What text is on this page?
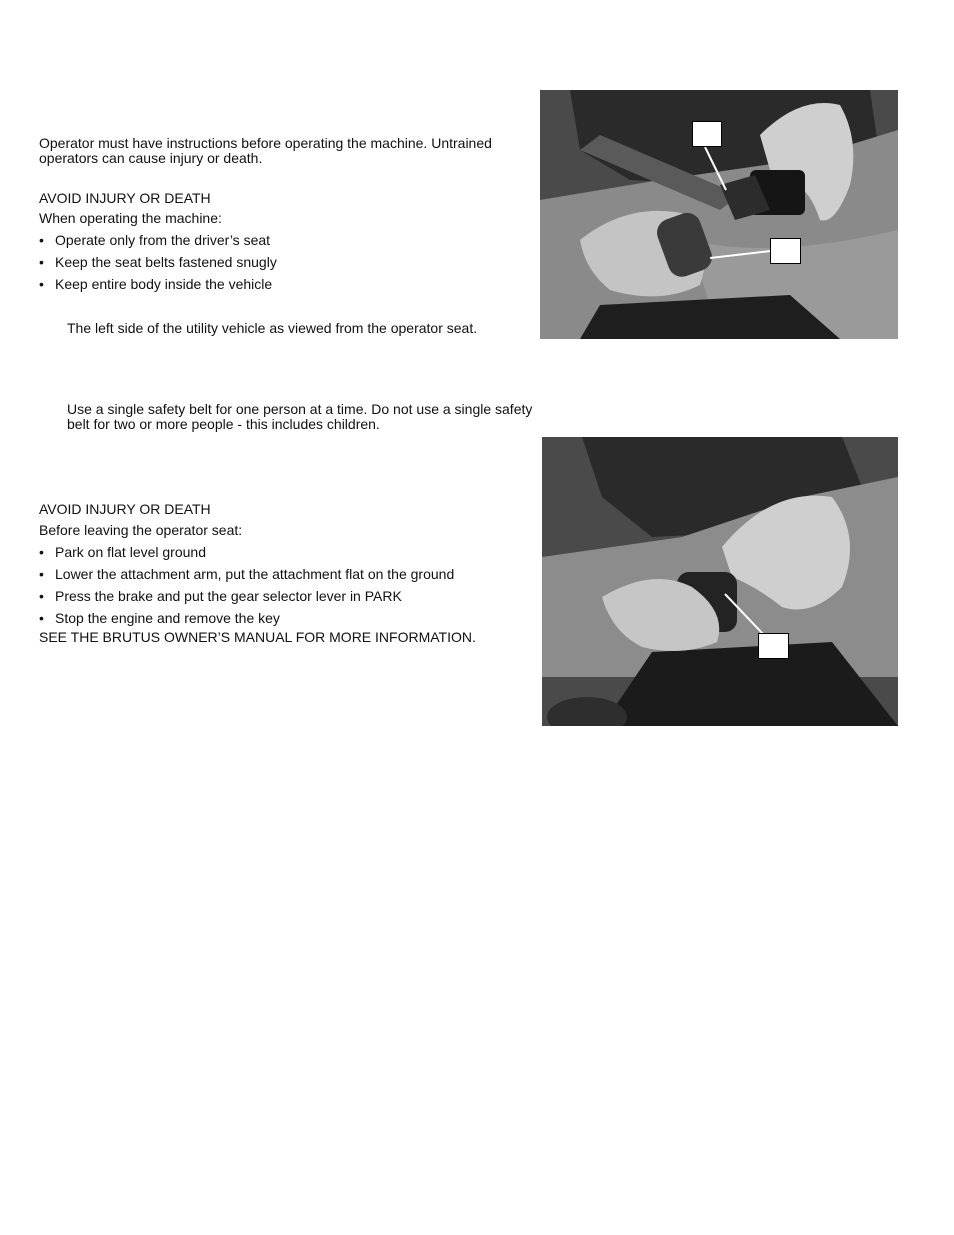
Operator must have instructions before operating the machine. Untrained

operators can cause injury or death.

AVOID INJURY OR DEATH

When operating the machine:

• Operate only from the driver’s seat
• Keep the seat belts fastened snugly
• Keep entire body inside the vehicle

The left side of the utility vehicle as viewed from the operator seat.

Use a single safety belt for one person at a time. Do not use a single safety

belt for two or more people - this includes children.

AVOID INJURY OR DEATH

Before leaving the operator seat:

• Park on flat level ground
• Lower the attachment arm, put the attachment flat on the ground
• Press the brake and put the gear selector lever in PARK
• Stop the engine and remove the key

SEE THE BRUTUS OWNER’S MANUAL FOR MORE INFORMATION.
